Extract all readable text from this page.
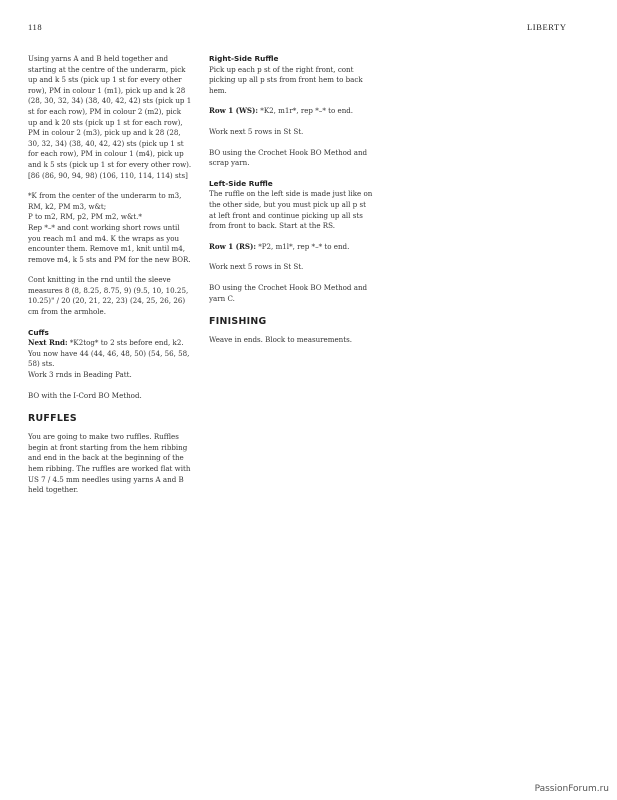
118	LIBERTY

Using yarns A and B held together and starting at the centre of the underarm, pick up and k 5 sts (pick up 1 st for every other row), PM in colour 1 (m1), pick up and k 28 (28, 30, 32, 34) (38, 40, 42, 42) sts (pick up 1 st for each row), PM in colour 2 (m2), pick up and k 20 sts (pick up 1 st for each row), PM in colour 2 (m3), pick up and k 28 (28, 30, 32, 34) (38, 40, 42, 42) sts (pick up 1 st for each row), PM in colour 1 (m4), pick up and k 5 sts (pick up 1 st for every other row). [86 (86, 90, 94, 98) (106, 110, 114, 114) sts]

*K from the center of the underarm to m3, RM, k2, PM m3, w&t;

P to m2, RM, p2, PM m2, w&t.*

Rep *–* and cont working short rows until you reach m1 and m4. K the wraps as you encounter them. Remove m1, knit until m4, remove m4, k 5 sts and PM for the new BOR.

Cont knitting in the rnd until the sleeve measures 8 (8, 8.25, 8.75, 9) (9.5, 10, 10.25, 10.25)" / 20 (20, 21, 22, 23) (24, 25, 26, 26) cm from the armhole.

Cuffs

Next Rnd: *K2tog* to 2 sts before end, k2.

You now have 44 (44, 46, 48, 50) (54, 56, 58, 58) sts.

Work 3 rnds in Beading Patt.

BO with the I-Cord BO Method.

RUFFLES

You are going to make two ruffles. Ruffles begin at front starting from the hem ribbing and end in the back at the beginning of the hem ribbing. The ruffles are worked flat with US 7 / 4.5 mm needles using yarns A and B held together.

Right-Side Ruffle

Pick up each p st of the right front, cont picking up all p sts from front hem to back hem.

Row 1 (WS): *K2, m1r*, rep *–* to end.

Work next 5 rows in St St.

BO using the Crochet Hook BO Method and scrap yarn.

Left-Side Ruffle

The ruffle on the left side is made just like on the other side, but you must pick up all p st at left front and continue picking up all sts from front to back. Start at the RS.

Row 1 (RS): *P2, m1l*, rep *–* to end.

Work next 5 rows in St St.

BO using the Crochet Hook BO Method and yarn C.

FINISHING

Weave in ends. Block to measurements.

PassionForum.ru
